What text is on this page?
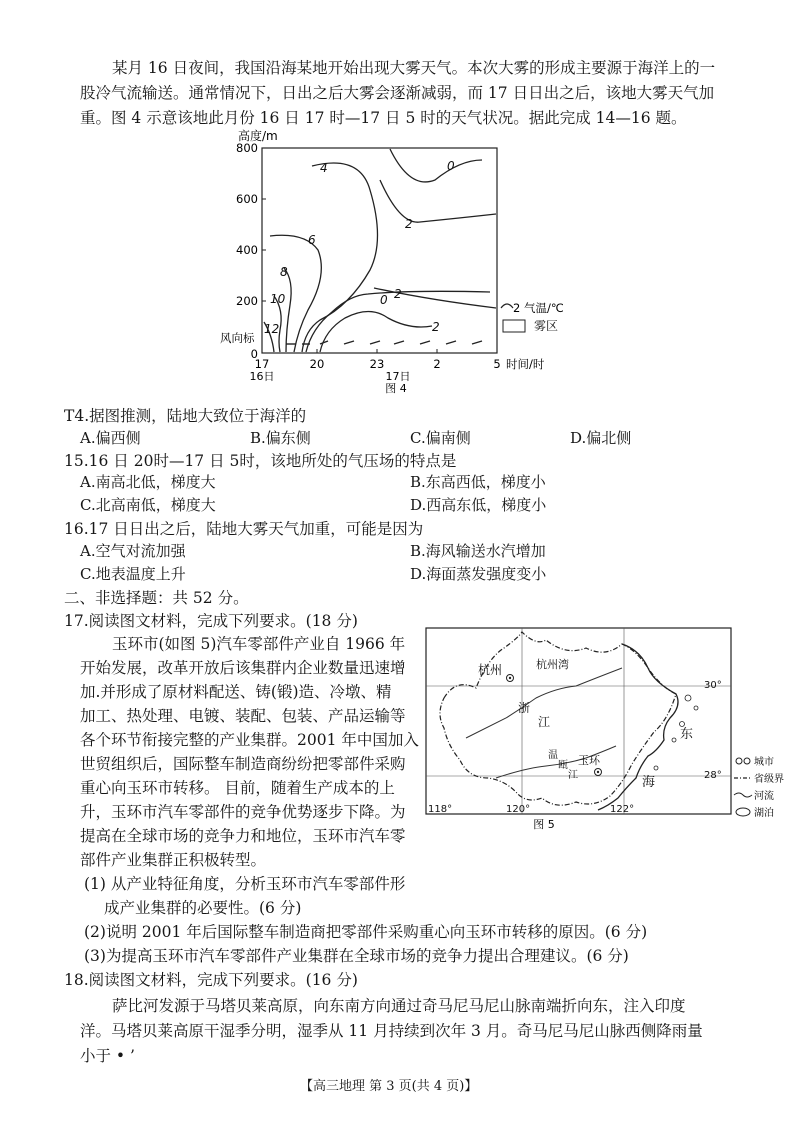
某月 16 日夜间，我国沿海某地开始出现大雾天气。本次大雾的形成主要源于海洋上的一
股冷气流输送。通常情况下，日出之后大雾会逐渐减弱，而 17 日日出之后，该地大雾天气加
重。图 4 示意该地此月份 16 日 17 时—17 日 5 时的天气状况。据此完成 14—16 题。
高度/m
800
600
400
200
0
17	20	23	2	5
16日	17日
时间/时
风向标
4	0
2
6
8
10
12
0 2
2
2 气温/℃
图 4
雾区
T4.据图推测，陆地大致位于海洋的
A.偏西侧	B.偏东侧	C.偏南侧	D.偏北侧
15.16 日 20时—17 日 5时，该地所处的气压场的特点是
A.南高北低，梯度大	B.东高西低，梯度小
C.北高南低，梯度大	D.西高东低，梯度小
16.17 日日出之后，陆地大雾天气加重，可能是因为
A.空气对流加强	B.海风输送水汽增加
C.地表温度上升	D.海面蒸发强度变小
二、非选择题：共 52 分。
17.阅读图文材料，完成下列要求。(18 分)
玉环市(如图 5)汽车零部件产业自 1966 年
开始发展，改革开放后该集群内企业数量迅速增
加.并形成了原材料配送、铸(锻)造、冷墩、精
加工、热处理、电镀、装配、包装、产品运输等
各个环节衔接完整的产业集群。2001 年中国加入
世贸组织后，国际整车制造商纷纷把零部件采购
重心向玉环市转移。 目前，随着生产成本的上
升，玉环市汽车零部件的竞争优势逐步下降。为
提高在全球市场的竞争力和地位，玉环市汽车零
部件产业集群正积极转型。
(1) 从产业特征角度，分析玉环市汽车零部件形
成产业集群的必要性。(6 分)
(2)说明 2001 年后国际整车制造商把零部件采购重心向玉环市转移的原因。(6 分)
(3)为提高玉环市汽车零部件产业集群在全球市场的竞争力提出合理建议。(6 分)
杭州	杭州湾
浙
江
东
海
温
瓯
江
玉环
30°
28°
118°	120°	122°
图 5
城市
省级界
河流
湖泊
18.阅读图文材料，完成下列要求。(16 分)
萨比河发源于马塔贝莱高原，向东南方向通过奇马尼马尼山脉南端折向东，注入印度
洋。马塔贝莱高原干湿季分明，湿季从 11 月持续到次年 3 月。奇马尼马尼山脉西侧降雨量
小于 • ’
【高三地理 第 3 页(共 4 页)】
